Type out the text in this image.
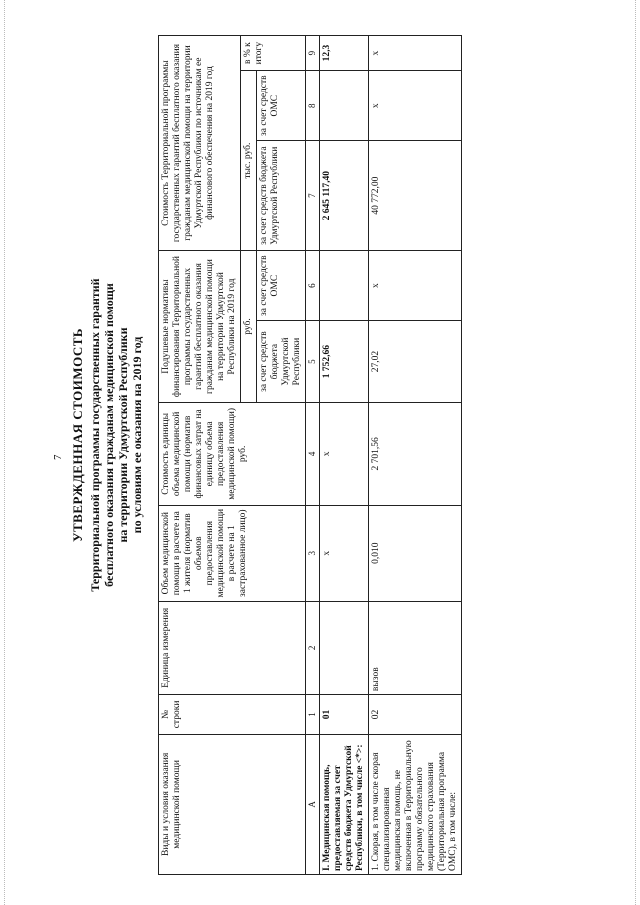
7 УТВЕРЖДЕННАЯ СТОИМОСТЬ Территориальной программы государственных гарантий бесплатного оказания гражданам медицинской помощи на территории Удмуртской Республики по условиям ее оказания на 2019 год
Виды и условия оказания медицинской помощи	№ строки	Единица измерения	Объем медицинской помощи в расчете на 1 жителя (норматив объемов предоставления медицинской помощи в расчете на 1 застрахованное лицо)	Стоимость единицы объема медицинской помощи (норматив финансовых затрат на единицу объема предоставления медицинской помощи) руб.	Подушевые нормативы финансирования Территориальной программы государственных гарантий бесплатного оказания гражданам медицинской помощи на территории Удмуртской Республики на 2019 год		Стоимость Территориальной программы государственных гарантий бесплатного оказания гражданам медицинской помощи на территории Удмуртской Республики по источникам ее финансового обеспечения на 2019 год		
					руб.		тыс. руб.		в % к итогу
					за счет средств бюджета Удмуртской Республики	за счет средств ОМС	за счет средств бюджета Удмуртской Республики	за счет средств ОМС	
А	1	2	3	4	5	6	7	8	9
I. Медицинская помощь, предоставляемая за счет средств бюджета Удмуртской Республики, в том числе <*>:	01		х	х	1 752,66		2 645 117,40		12,3
1. Скорая, в том числе скорая специализированная медицинская помощь, не включенная в Территориальную программу обязательного медицинского страхования (Территориальная программа ОМС), в том числе:	02	вызов	0,010	2 701,56	27,02	х	40 772,00	х	х
